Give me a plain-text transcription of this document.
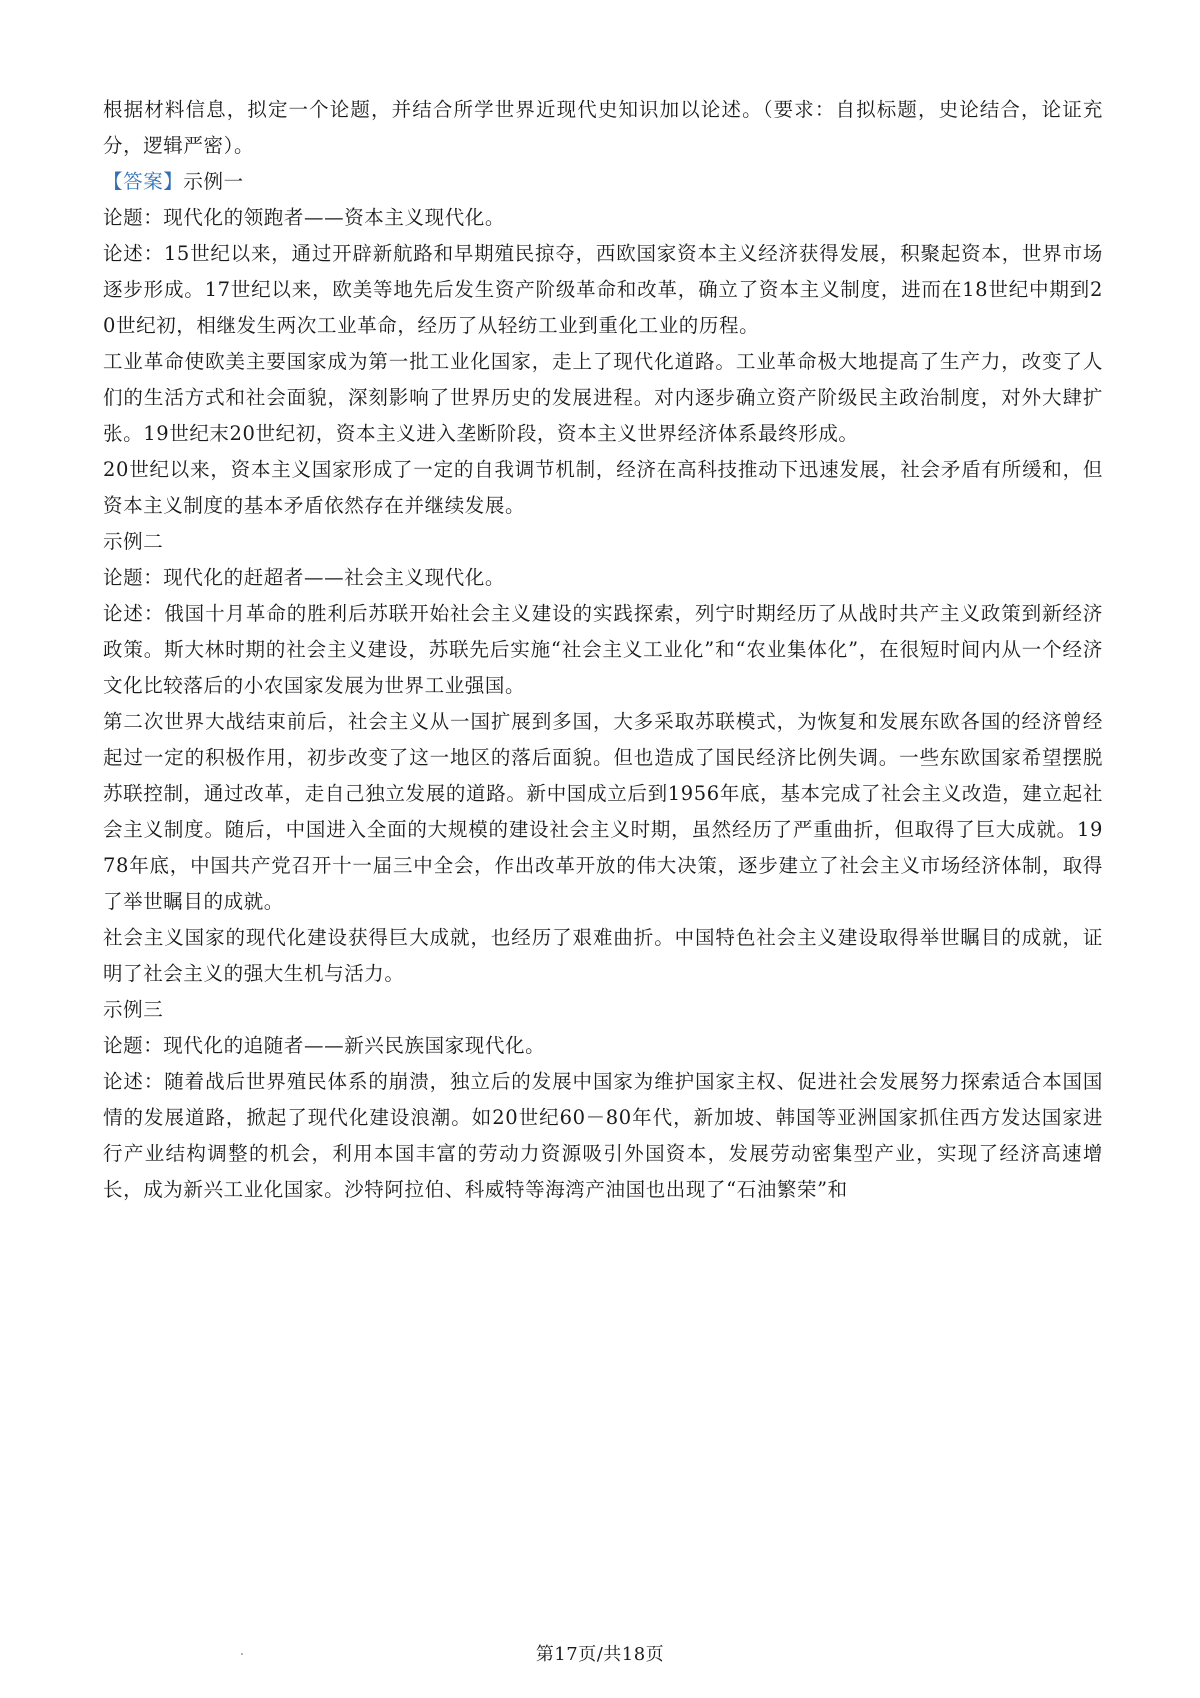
根据材料信息，拟定一个论题，并结合所学世界近现代史知识加以论述。（要求：自拟标题，史论结合，论证充分，逻辑严密）。

【答案】示例一

论题：现代化的领跑者——资本主义现代化。

论述：15世纪以来，通过开辟新航路和早期殖民掠夺，西欧国家资本主义经济获得发展，积聚起资本，世界市场逐步形成。17世纪以来，欧美等地先后发生资产阶级革命和改革，确立了资本主义制度，进而在18世纪中期到20世纪初，相继发生两次工业革命，经历了从轻纺工业到重化工业的历程。

工业革命使欧美主要国家成为第一批工业化国家，走上了现代化道路。工业革命极大地提高了生产力，改变了人们的生活方式和社会面貌，深刻影响了世界历史的发展进程。对内逐步确立资产阶级民主政治制度，对外大肆扩张。19世纪末20世纪初，资本主义进入垄断阶段，资本主义世界经济体系最终形成。

20世纪以来，资本主义国家形成了一定的自我调节机制，经济在高科技推动下迅速发展，社会矛盾有所缓和，但资本主义制度的基本矛盾依然存在并继续发展。

示例二

论题：现代化的赶超者——社会主义现代化。

论述：俄国十月革命的胜利后苏联开始社会主义建设的实践探索，列宁时期经历了从战时共产主义政策到新经济政策。斯大林时期的社会主义建设，苏联先后实施“社会主义工业化”和“农业集体化”，在很短时间内从一个经济文化比较落后的小农国家发展为世界工业强国。

第二次世界大战结束前后，社会主义从一国扩展到多国，大多采取苏联模式，为恢复和发展东欧各国的经济曾经起过一定的积极作用，初步改变了这一地区的落后面貌。但也造成了国民经济比例失调。一些东欧国家希望摆脱苏联控制，通过改革，走自己独立发展的道路。新中国成立后到1956年底，基本完成了社会主义改造，建立起社会主义制度。随后，中国进入全面的大规模的建设社会主义时期，虽然经历了严重曲折，但取得了巨大成就。1978年底，中国共产党召开十一届三中全会，作出改革开放的伟大决策，逐步建立了社会主义市场经济体制，取得了举世瞩目的成就。

社会主义国家的现代化建设获得巨大成就，也经历了艰难曲折。中国特色社会主义建设取得举世瞩目的成就，证明了社会主义的强大生机与活力。

示例三

论题：现代化的追随者——新兴民族国家现代化。

论述：随着战后世界殖民体系的崩溃，独立后的发展中国家为维护国家主权、促进社会发展努力探索适合本国国情的发展道路，掀起了现代化建设浪潮。如20世纪60－80年代，新加坡、韩国等亚洲国家抓住西方发达国家进行产业结构调整的机会，利用本国丰富的劳动力资源吸引外国资本，发展劳动密集型产业，实现了经济高速增长，成为新兴工业化国家。沙特阿拉伯、科威特等海湾产油国也出现了“石油繁荣”和

第17页/共18页
